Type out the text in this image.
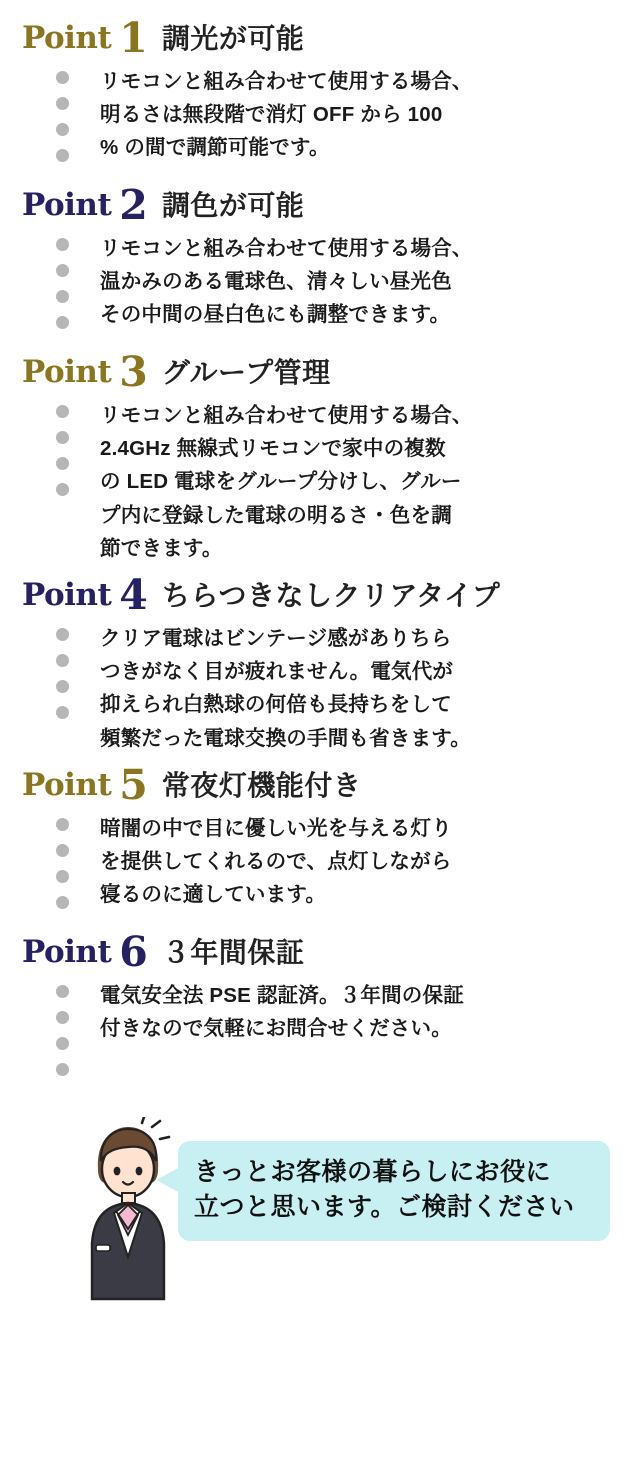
Point 1 調光が可能
リモコンと組み合わせて使用する場合、
明るさは無段階で消灯 OFF から 100
% の間で調節可能です。
Point 2 調色が可能
リモコンと組み合わせて使用する場合、
温かみのある電球色、清々しい昼光色
その中間の昼白色にも調整できます。
Point 3 グループ管理
リモコンと組み合わせて使用する場合、
2.4GHz 無線式リモコンで家中の複数
の LED 電球をグループ分けし、グルー
プ内に登録した電球の明るさ・色を調
節できます。
Point 4 ちらつきなしクリアタイプ
クリア電球はビンテージ感がありちら
つきがなく目が疲れません。電気代が
抑えられ白熱球の何倍も長持ちをして
頻繁だった電球交換の手間も省きます。
Point 5 常夜灯機能付き
暗闇の中で目に優しい光を与える灯り
を提供してくれるので、点灯しながら
寝るのに適しています。
Point 6 ３年間保証
電気安全法 PSE 認証済。３年間の保証
付きなので気軽にお問合せください。
きっとお客様の暮らしにお役に
立つと思います。ご検討ください
